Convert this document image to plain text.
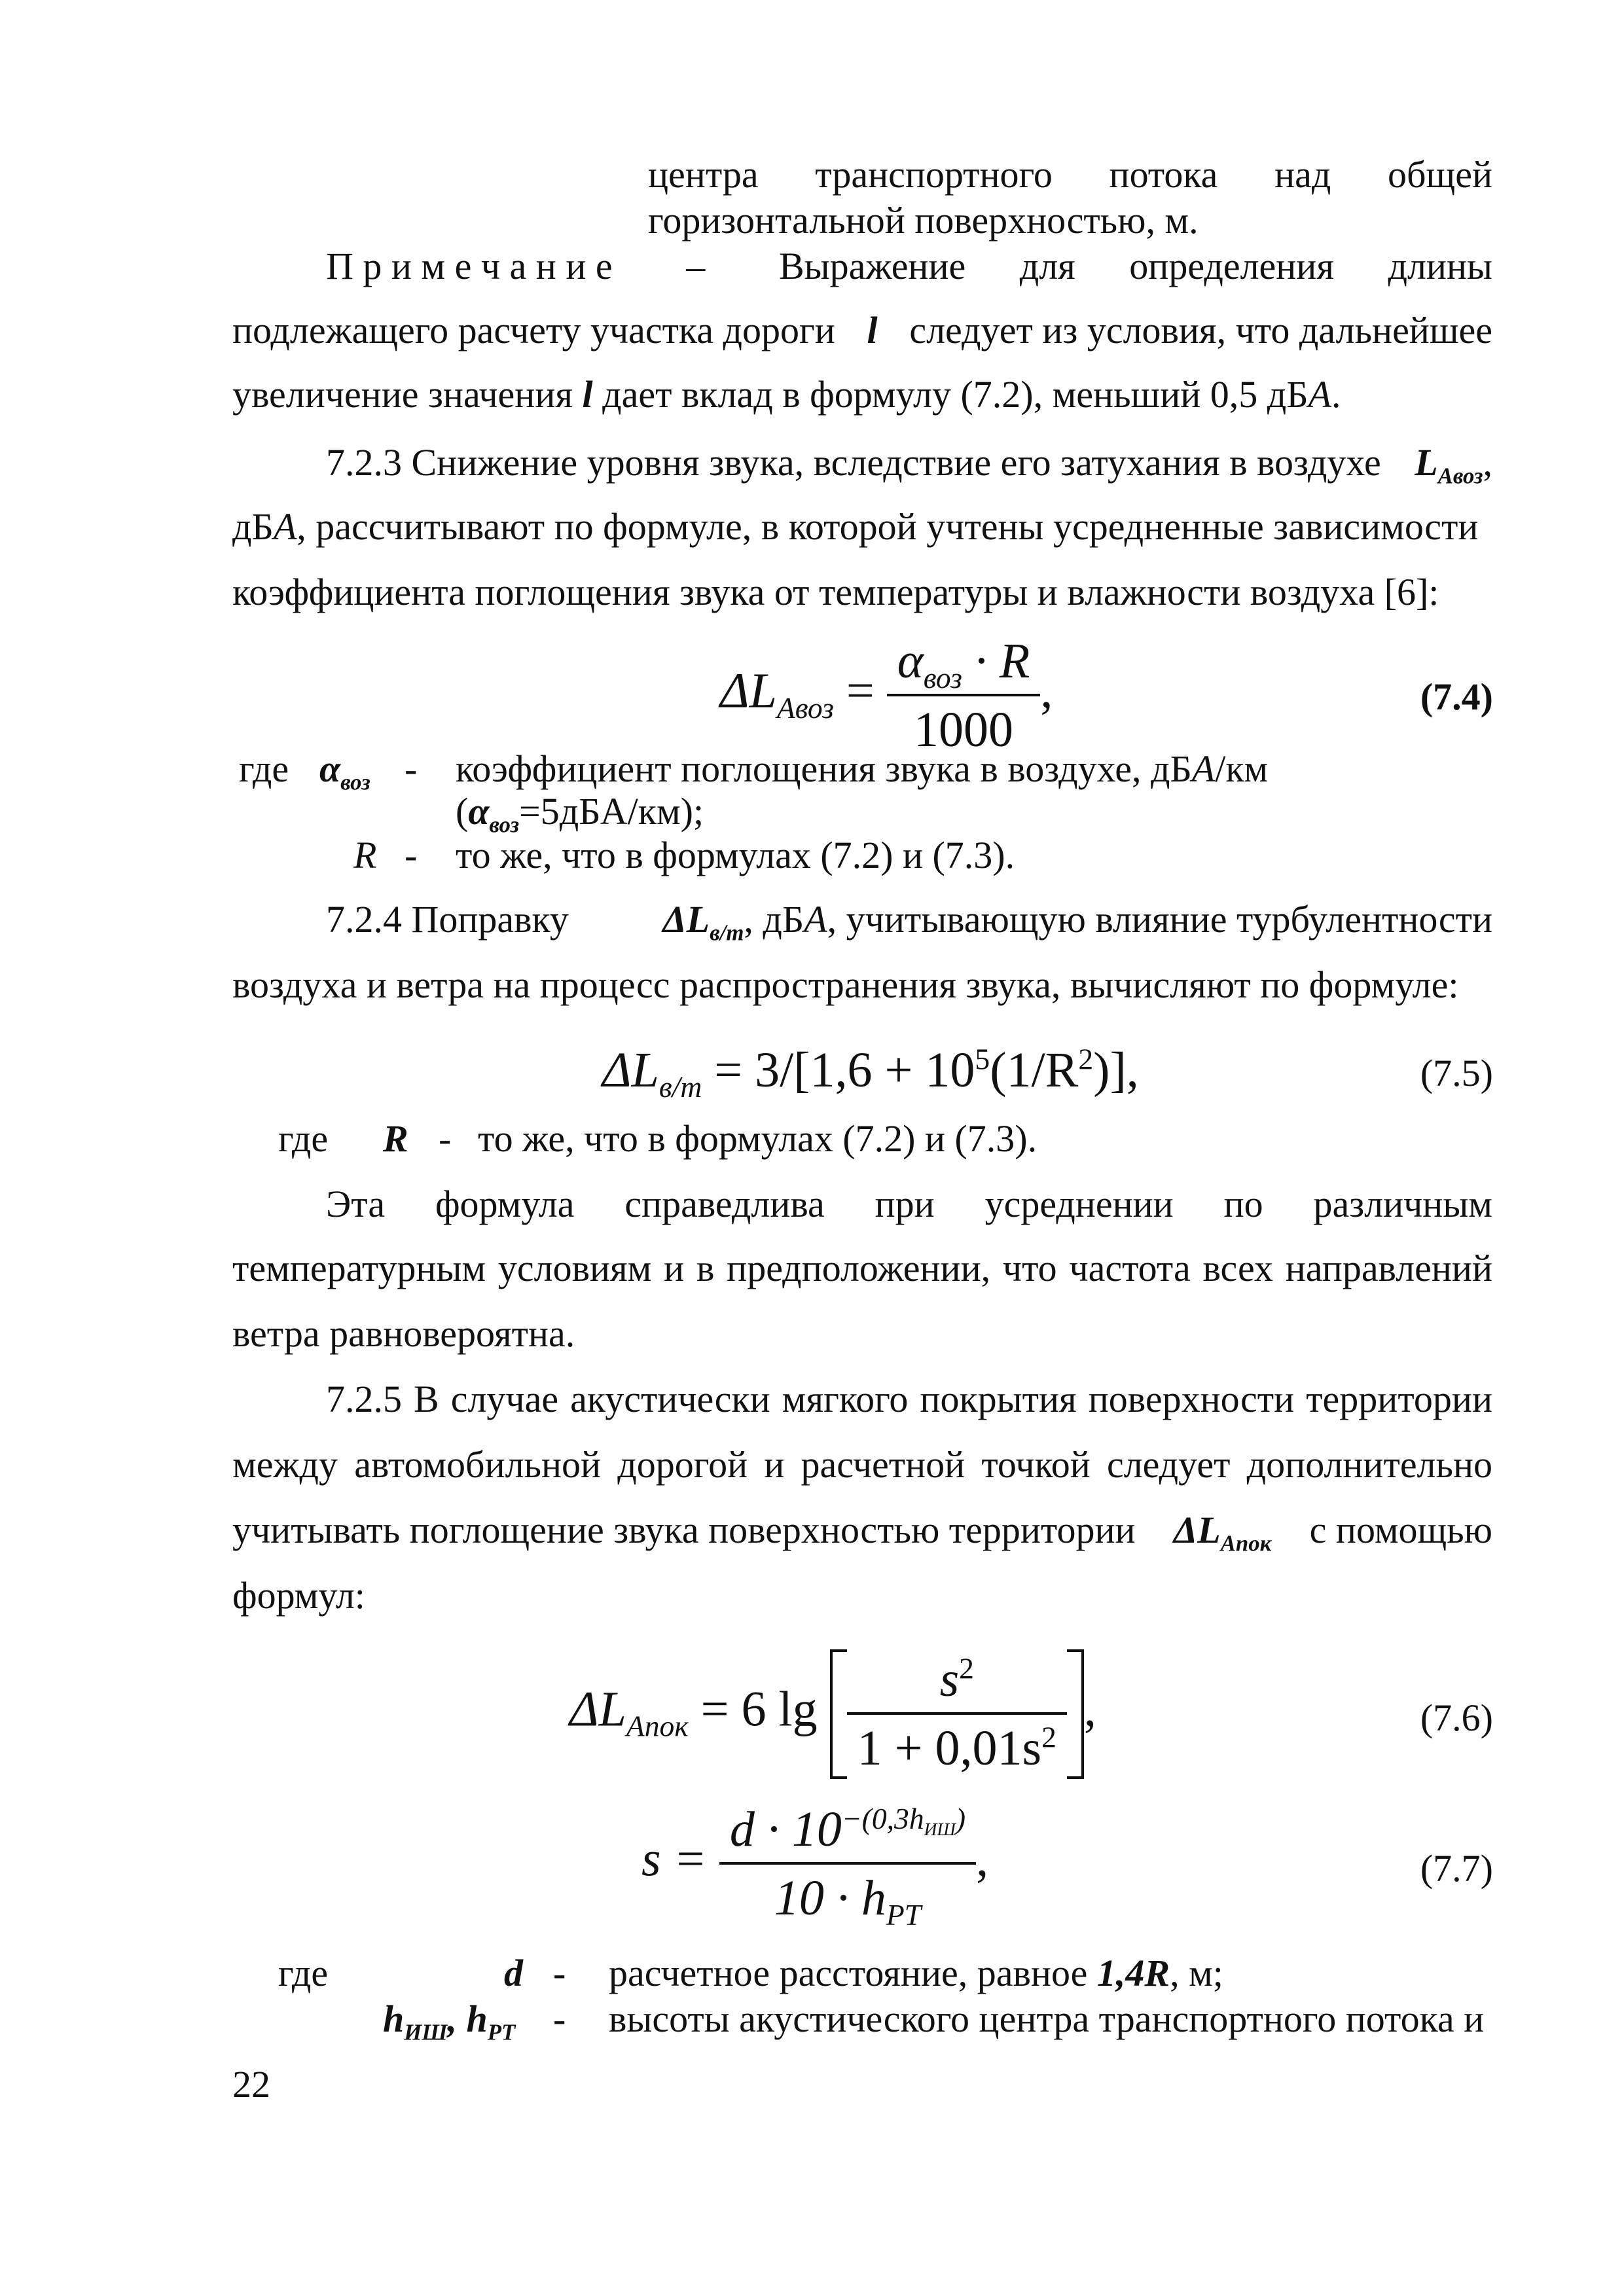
центра транспортного потока над общей
горизонтальной поверхностью, м.
П р и м е ч а н и е – Выражение для определения длины
подлежащего расчету участка дороги l следует из условия, что дальнейшее
увеличение значения l дает вклад в формулу (7.2), меньший 0,5 дБА.
7.2.3 Снижение уровня звука, вследствие его затухания в воздухе $L_{Aвоз}$,
дБА, рассчитывают по формуле, в которой учтены усредненные зависимости
коэффициента поглощения звука от температуры и влажности воздуха [6]:
$\Delta L_{Aвоз} = \frac{\alpha_{воз} \cdot R}{1000}$ ,	(7.4)
где $\alpha_{воз}$ - коэффициент поглощения звука в воздухе, дБА/км
$(\alpha_{воз}=5дБА/км)$;
R - то же, что в формулах (7.2) и (7.3).
7.2.4 Поправку $\Delta L_{в/т}$, дБА, учитывающую влияние турбулентности
воздуха и ветра на процесс распространения звука, вычисляют по формуле:
$\Delta L_{в/т} = 3/[1,6 + 10^5(1/R^2)]$,	(7.5)
где R - то же, что в формулах (7.2) и (7.3).
Эта формула справедлива при усреднении по различным
температурным условиям и в предположении, что частота всех направлений
ветра равновероятна.
7.2.5 В случае акустически мягкого покрытия поверхности территории
между автомобильной дорогой и расчетной точкой следует дополнительно
учитывать поглощение звука поверхностью территории $\Delta L_{Aпок}$ с помощью
формул:
$\Delta L_{Aпок} = 6$ $\lg \frac{s^2}{1 + 0,01s^2}$ ,	(7.6)
$s = \frac{d \cdot 10^{-(0,3h_{ИШ})}}{10 \cdot h_{PT}}$ ,	(7.7)
где	d - расчетное расстояние, равное 1,4R, м;
$h_{ИШ}$, $h_{PT}$ - высоты акустического центра транспортного потока и
22
